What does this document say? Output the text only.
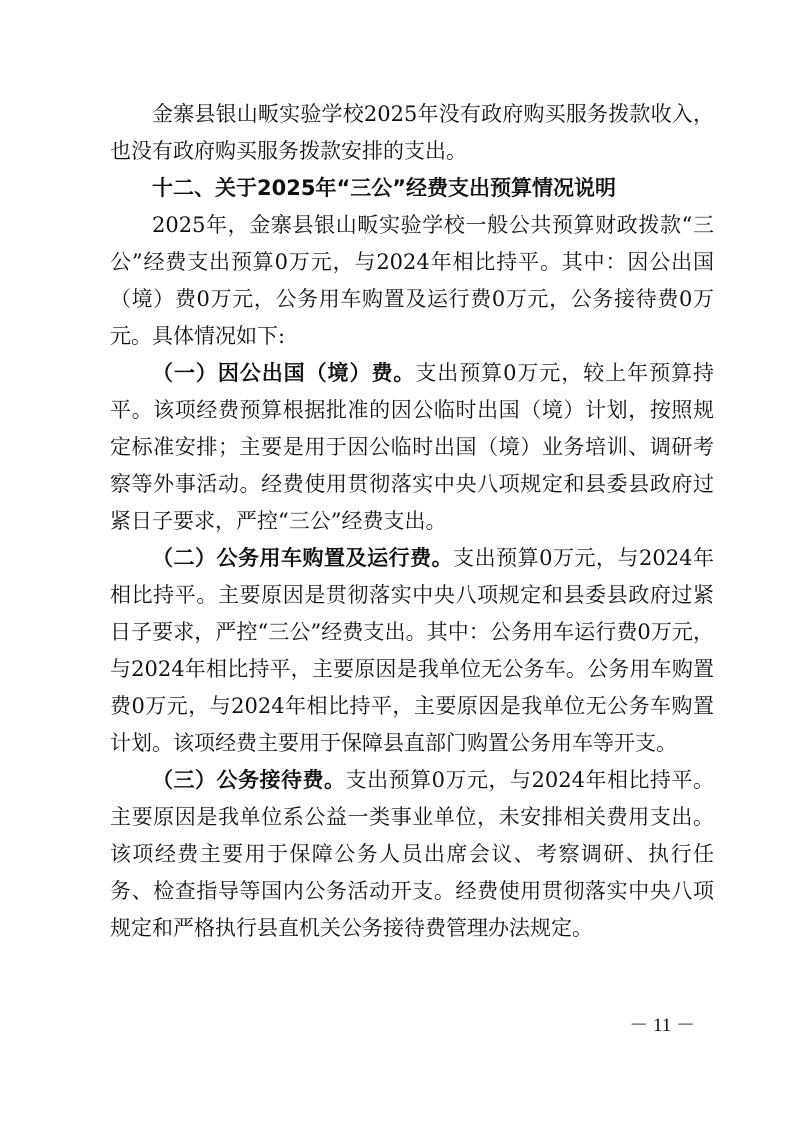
金寨县银山畈实验学校2025年没有政府购买服务拨款收入，也没有政府购买服务拨款安排的支出。

十二、关于2025年“三公”经费支出预算情况说明

2025年，金寨县银山畈实验学校一般公共预算财政拨款“三公”经费支出预算0万元，与2024年相比持平。其中：因公出国（境）费0万元，公务用车购置及运行费0万元，公务接待费0万元。具体情况如下:

（一）因公出国（境）费。支出预算0万元，较上年预算持平。该项经费预算根据批准的因公临时出国（境）计划，按照规定标准安排；主要是用于因公临时出国（境）业务培训、调研考察等外事活动。经费使用贯彻落实中央八项规定和县委县政府过紧日子要求，严控“三公”经费支出。

（二）公务用车购置及运行费。支出预算0万元，与2024年相比持平。主要原因是贯彻落实中央八项规定和县委县政府过紧日子要求，严控“三公”经费支出。其中：公务用车运行费0万元，与2024年相比持平，主要原因是我单位无公务车。公务用车购置费0万元，与2024年相比持平，主要原因是我单位无公务车购置计划。该项经费主要用于保障县直部门购置公务用车等开支。

（三）公务接待费。支出预算0万元，与2024年相比持平。主要原因是我单位系公益一类事业单位，未安排相关费用支出。该项经费主要用于保障公务人员出席会议、考察调研、执行任务、检查指导等国内公务活动开支。经费使用贯彻落实中央八项规定和严格执行县直机关公务接待费管理办法规定。

－ 11 －
